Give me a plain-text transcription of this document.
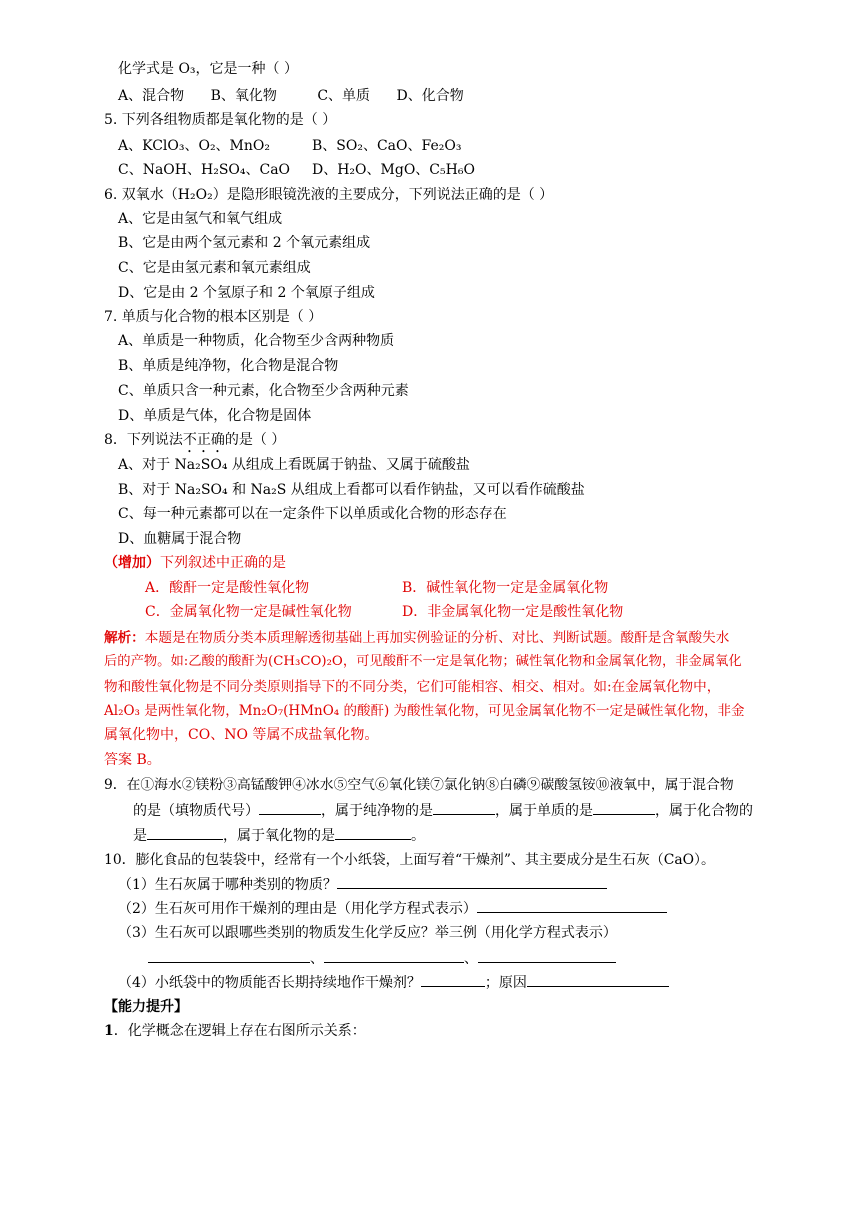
化学式是 O₃，它是一种（ ）
A、混合物 B、氧化物	C、单质 D、化合物
5. 下列各组物质都是氧化物的是（ ）
A、KClO₃、O₂、MnO₂	B、SO₂、CaO、Fe₂O₃
C、NaOH、H₂SO₄、CaO D、H₂O、MgO、C₅H₆O
6. 双氧水（H₂O₂）是隐形眼镜洗液的主要成分，下列说法正确的是（ ）
A、它是由氢气和氧气组成
B、它是由两个氢元素和 2 个氧元素组成
C、它是由氢元素和氧元素组成
D、它是由 2 个氢原子和 2 个氧原子组成
7. 单质与化合物的根本区别是（ ）
A、单质是一种物质，化合物至少含两种物质
B、单质是纯净物，化合物是混合物
C、单质只含一种元素，化合物至少含两种元素
D、单质是气体，化合物是固体
8．下列说法不正确的是（ ）
A、对于 Na₂SO₄ 从组成上看既属于钠盐、又属于硫酸盐
B、对于 Na₂SO₄ 和 Na₂S 从组成上看都可以看作钠盐，又可以看作硫酸盐
C、每一种元素都可以在一定条件下以单质或化合物的形态存在
D、血糖属于混合物
（增加）下列叙述中正确的是
A．酸酐一定是酸性氧化物	B．碱性氧化物一定是金属氧化物
C．金属氧化物一定是碱性氧化物	D．非金属氧化物一定是酸性氧化物
解析：本题是在物质分类本质理解透彻基础上再加实例验证的分析、对比、判断试题。酸酐是含氧酸失水
后的产物。如:乙酸的酸酐为(CH₃CO)₂O，可见酸酐不一定是氧化物；碱性氧化物和金属氧化物，非金属氧化
物和酸性氧化物是不同分类原则指导下的不同分类，它们可能相容、相交、相对。如:在金属氧化物中，
Al₂O₃ 是两性氧化物，Mn₂O₇(HMnO₄ 的酸酐) 为酸性氧化物，可见金属氧化物不一定是碱性氧化物，非金
属氧化物中，CO、NO 等属不成盐氧化物。
答案 B。
9．在①海水②镁粉③高锰酸钾④冰水⑤空气⑥氧化镁⑦氯化钠⑧白磷⑨碳酸氢铵⑩液氧中，属于混合物
的是（填物质代号）	，属于纯净物的是	，属于单质的是	，属于化合物的
是	，属于氧化物的是	。
10．膨化食品的包装袋中，经常有一个小纸袋，上面写着“干燥剂”、其主要成分是生石灰（CaO）。
（1）生石灰属于哪种类别的物质？
（2）生石灰可用作干燥剂的理由是（用化学方程式表示）
（3）生石灰可以跟哪些类别的物质发生化学反应？举三例（用化学方程式表示）
、	、
（4）小纸袋中的物质能否长期持续地作干燥剂？	；原因
【能力提升】
1．化学概念在逻辑上存在右图所示关系：
